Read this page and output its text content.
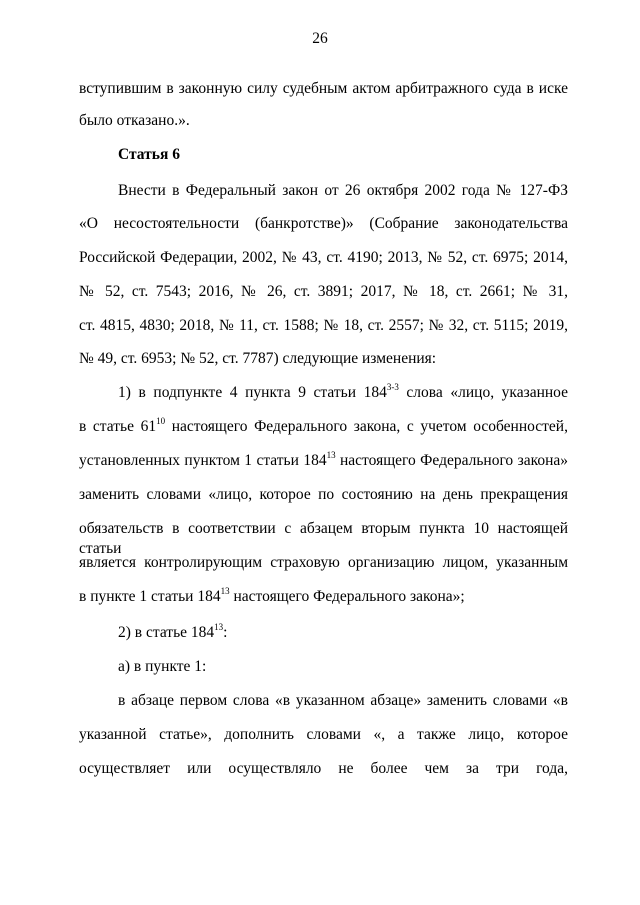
26
вступившим в законную силу судебным актом арбитражного суда в иске
было отказано.».
Статья 6
Внести в Федеральный закон от 26 октября 2002 года № 127-ФЗ
«О несостоятельности (банкротстве)» (Собрание законодательства
Российской Федерации, 2002, № 43, ст. 4190; 2013, № 52, ст. 6975; 2014,
№ 52, ст. 7543; 2016, № 26, ст. 3891; 2017, № 18, ст. 2661; № 31,
ст. 4815, 4830; 2018, № 11, ст. 1588; № 18, ст. 2557; № 32, ст. 5115; 2019,
№ 49, ст. 6953; № 52, ст. 7787) следующие изменения:
1) в подпункте 4 пункта 9 статьи 184$^{3-3}$ слова «лицо, указанное
в статье $61^{10}$ настоящего Федерального закона, с учетом особенностей,
установленных пунктом 1 статьи $184^{13}$ настоящего Федерального закона»
заменить словами «лицо, которое по состоянию на день прекращения
обязательств в соответствии с абзацем вторым пункта 10 настоящей статьи
является контролирующим страховую организацию лицом, указанным
в пункте 1 статьи $184^{13}$ настоящего Федерального закона»;
2) в статье $184^{13}$:
а) в пункте 1:
в абзаце первом слова «в указанном абзаце» заменить словами «в
указанной статье», дополнить словами «, а также лицо, которое
осуществляет или осуществляло не более чем за три года,
